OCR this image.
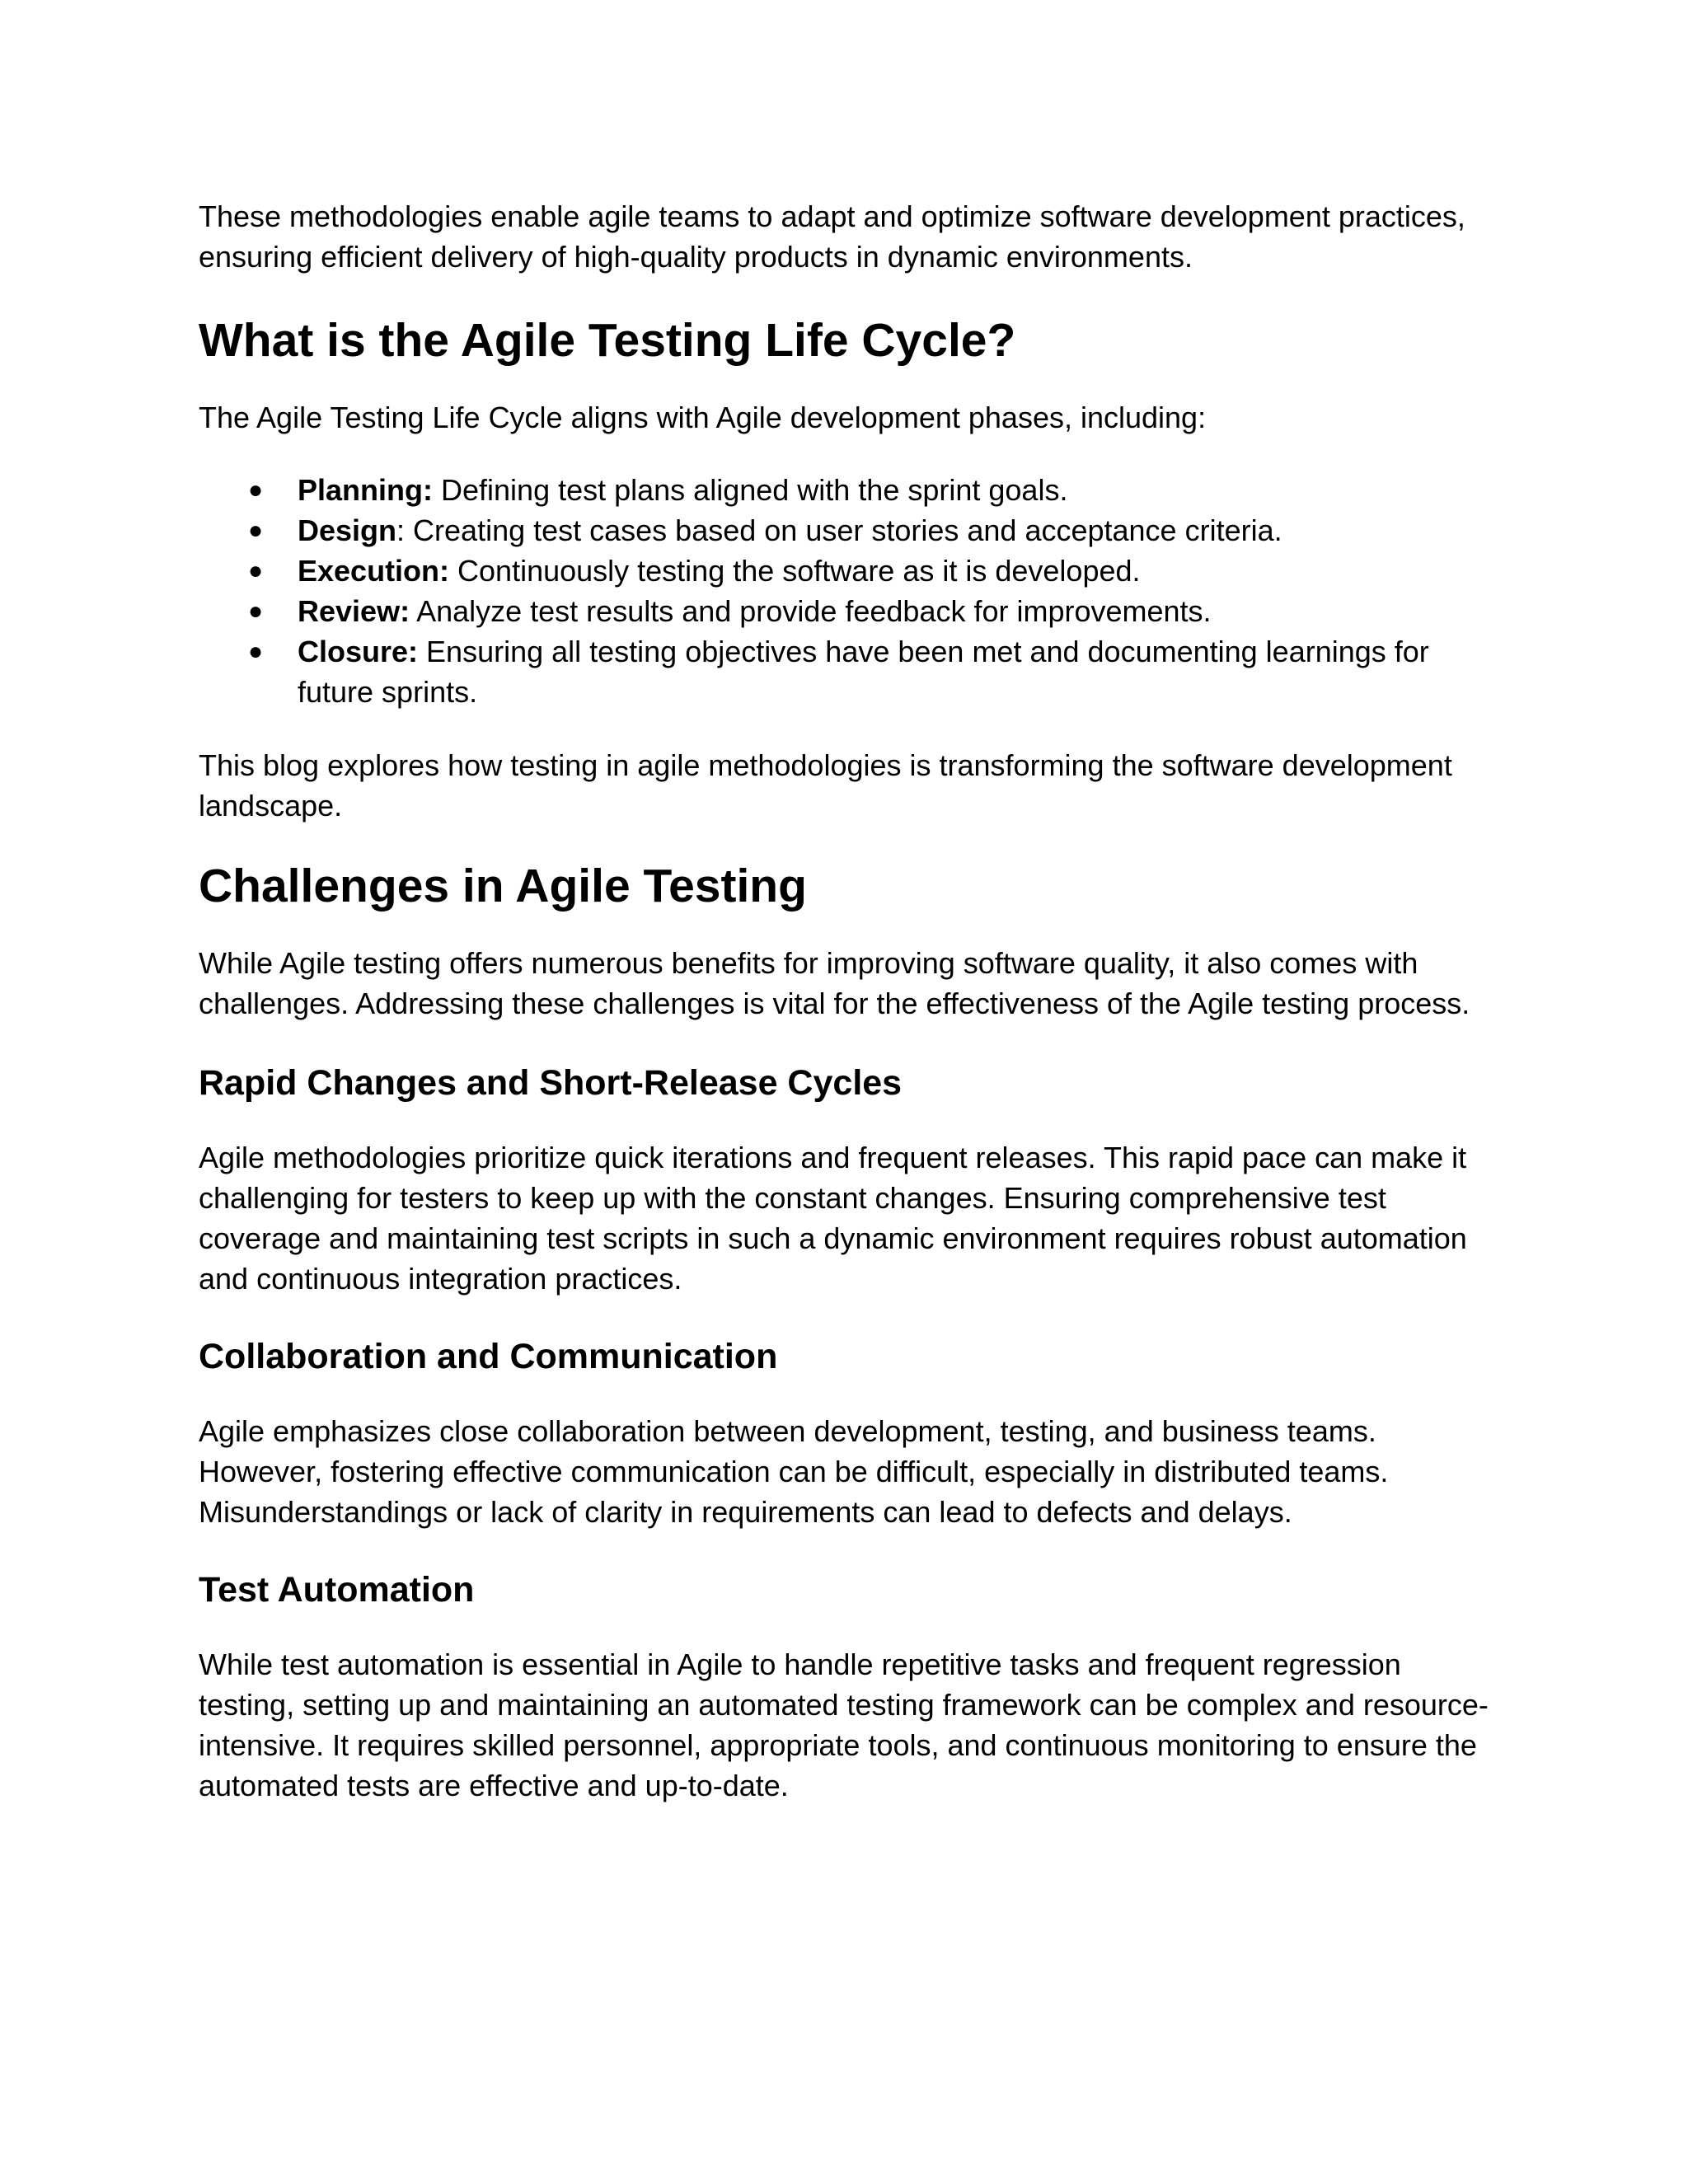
These methodologies enable agile teams to adapt and optimize software development practices, ensuring efficient delivery of high-quality products in dynamic environments.

What is the Agile Testing Life Cycle?

The Agile Testing Life Cycle aligns with Agile development phases, including:

● Planning: Defining test plans aligned with the sprint goals.
● Design: Creating test cases based on user stories and acceptance criteria.
● Execution: Continuously testing the software as it is developed.
● Review: Analyze test results and provide feedback for improvements.
● Closure: Ensuring all testing objectives have been met and documenting learnings for future sprints.

This blog explores how testing in agile methodologies is transforming the software development landscape.

Challenges in Agile Testing

While Agile testing offers numerous benefits for improving software quality, it also comes with challenges. Addressing these challenges is vital for the effectiveness of the Agile testing process.

Rapid Changes and Short-Release Cycles

Agile methodologies prioritize quick iterations and frequent releases. This rapid pace can make it challenging for testers to keep up with the constant changes. Ensuring comprehensive test coverage and maintaining test scripts in such a dynamic environment requires robust automation and continuous integration practices.

Collaboration and Communication

Agile emphasizes close collaboration between development, testing, and business teams. However, fostering effective communication can be difficult, especially in distributed teams. Misunderstandings or lack of clarity in requirements can lead to defects and delays.

Test Automation

While test automation is essential in Agile to handle repetitive tasks and frequent regression testing, setting up and maintaining an automated testing framework can be complex and resource-intensive. It requires skilled personnel, appropriate tools, and continuous monitoring to ensure the automated tests are effective and up-to-date.
